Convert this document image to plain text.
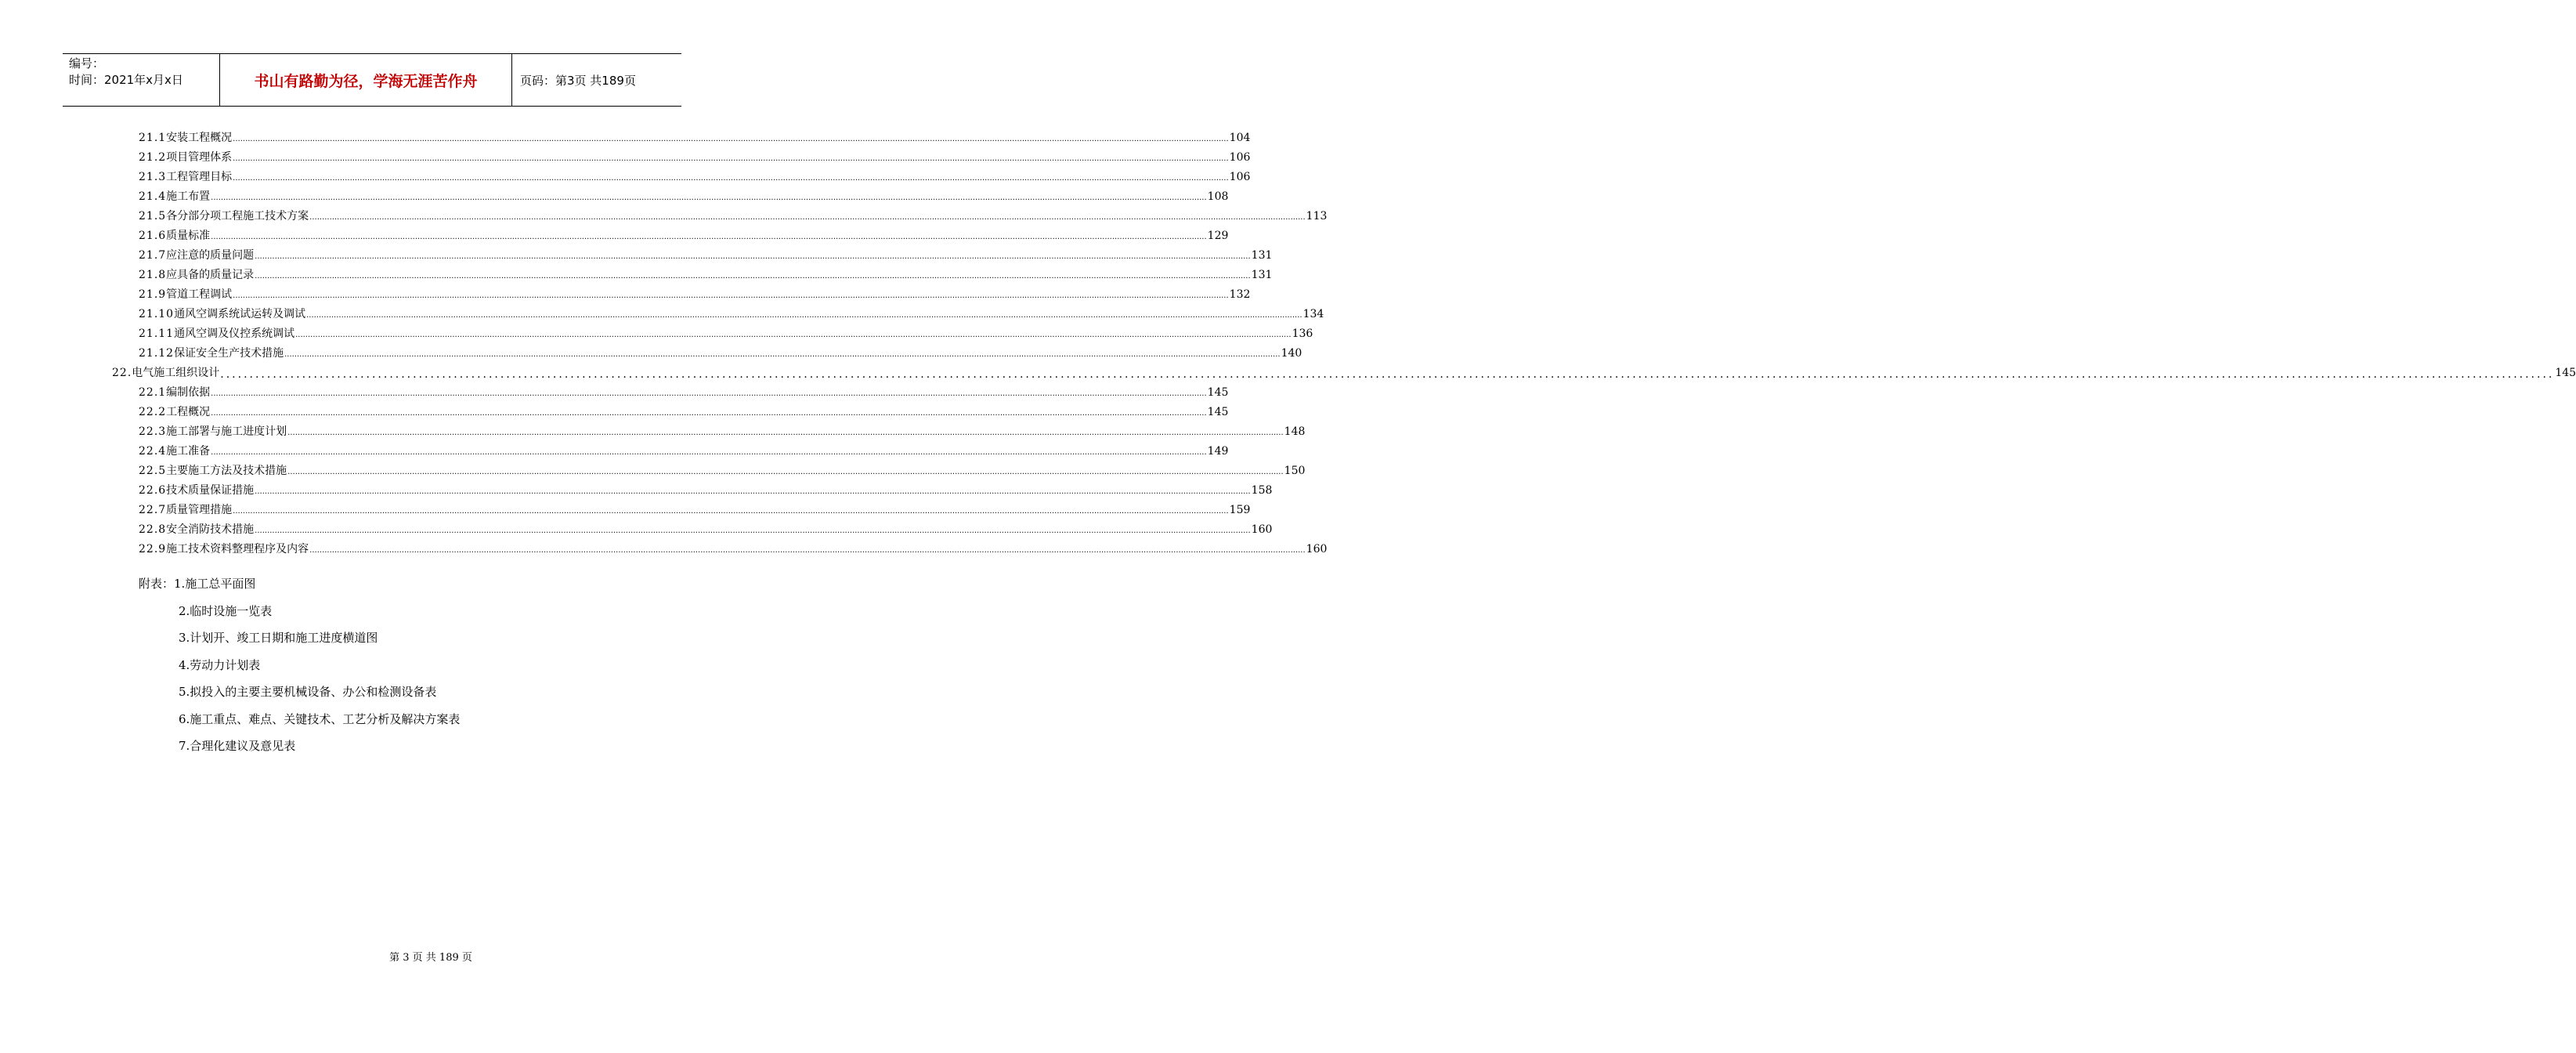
编号：
时间：2021年x月x日	书山有路勤为径，学海无涯苦作舟	页码：第3页 共189页
21.1 安装工程概况 ................................................................................................................................................................................................................................................................................................................................................................................................................ 104
21.2 项目管理体系 ................................................................................................................................................................................................................................................................................................................................................................................................................ 106
21.3 工程管理目标 ................................................................................................................................................................................................................................................................................................................................................................................................................ 106
21.4 施工布置 ................................................................................................................................................................................................................................................................................................................................................................................................................ 108
21.5 各分部分项工程施工技术方案 ................................................................................................................................................................................................................................................................................................................................................................................................................ 113
21.6 质量标准 ................................................................................................................................................................................................................................................................................................................................................................................................................ 129
21.7 应注意的质量问题 ................................................................................................................................................................................................................................................................................................................................................................................................................ 131
21.8 应具备的质量记录 ................................................................................................................................................................................................................................................................................................................................................................................................................ 131
21.9 管道工程调试 ................................................................................................................................................................................................................................................................................................................................................................................................................ 132
21.10 通风空调系统试运转及调试 ................................................................................................................................................................................................................................................................................................................................................................................................................ 134
21.11 通风空调及仪控系统调试 ................................................................................................................................................................................................................................................................................................................................................................................................................ 136
21.12 保证安全生产技术措施 ................................................................................................................................................................................................................................................................................................................................................................................................................ 140
22. 电气施工组织设计 ................................................................................................................................................................................................................................................................................................................................................................................................................ 145
22.1 编制依据 ................................................................................................................................................................................................................................................................................................................................................................................................................ 145
22.2 工程概况 ................................................................................................................................................................................................................................................................................................................................................................................................................ 145
22.3 施工部署与施工进度计划 ................................................................................................................................................................................................................................................................................................................................................................................................................ 148
22.4 施工准备 ................................................................................................................................................................................................................................................................................................................................................................................................................ 149
22.5 主要施工方法及技术措施 ................................................................................................................................................................................................................................................................................................................................................................................................................ 150
22.6 技术质量保证措施 ................................................................................................................................................................................................................................................................................................................................................................................................................ 158
22.7 质量管理措施 ................................................................................................................................................................................................................................................................................................................................................................................................................ 159
22.8 安全消防技术措施 ................................................................................................................................................................................................................................................................................................................................................................................................................ 160
22.9 施工技术资料整理程序及内容 ................................................................................................................................................................................................................................................................................................................................................................................................................ 160
附表：1.施工总平面图
2.临时设施一览表
3.计划开、竣工日期和施工进度横道图
4.劳动力计划表
5.拟投入的主要主要机械设备、办公和检测设备表
6.施工重点、难点、关键技术、工艺分析及解决方案表
7.合理化建议及意见表
第 3 页 共 189 页
